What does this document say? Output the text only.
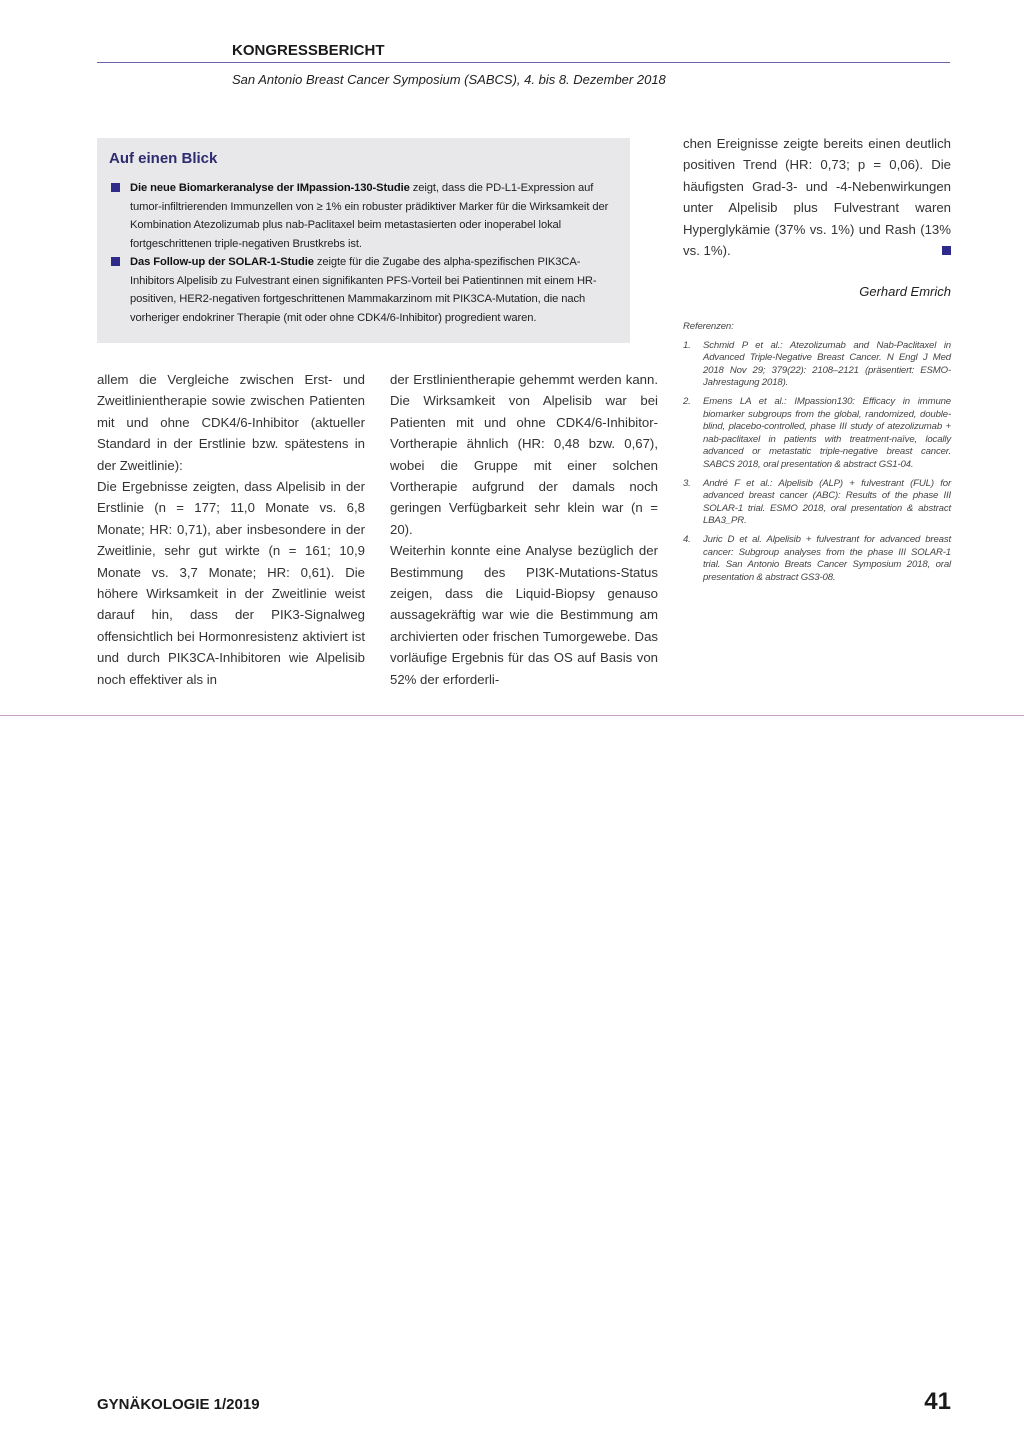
KONGRESSBERICHT
San Antonio Breast Cancer Symposium (SABCS), 4. bis 8. Dezember 2018
Auf einen Blick
Die neue Biomarkeranalyse der IMpassion-130-Studie zeigt, dass die PD-L1-Expression auf tumor-infiltrierenden Immunzellen von ≥ 1% ein robuster prädiktiver Marker für die Wirksamkeit der Kombination Atezolizumab plus nab-Paclitaxel beim metastasierten oder inoperabel lokal fortgeschrittenen triple-negativen Brustkrebs ist.
Das Follow-up der SOLAR-1-Studie zeigte für die Zugabe des alpha-spezifischen PIK3CA-Inhibitors Alpelisib zu Fulvestrant einen signifikanten PFS-Vorteil bei Patientinnen mit einem HR-positiven, HER2-negativen fortgeschrittenen Mammakarzinom mit PIK3CA-Mutation, die nach vorheriger endokriner Therapie (mit oder ohne CDK4/6-Inhibitor) progredient waren.

allem die Vergleiche zwischen Erst- und Zweitlinientherapie sowie zwischen Patienten mit und ohne CDK4/6-Inhibitor (aktueller Standard in der Erstlinie bzw. spätestens in der Zweitlinie):

Die Ergebnisse zeigten, dass Alpelisib in der Erstlinie (n = 177; 11,0 Monate vs. 6,8 Monate; HR: 0,71), aber insbesondere in der Zweitlinie, sehr gut wirkte (n = 161; 10,9 Monate vs. 3,7 Monate; HR: 0,61). Die höhere Wirksamkeit in der Zweitlinie weist darauf hin, dass der PIK3-Signalweg offensichtlich bei Hormonresistenz aktiviert ist und durch PIK3CA-Inhibitoren wie Alpelisib noch effektiver als in

der Erstlinientherapie gehemmt werden kann. Die Wirksamkeit von Alpelisib war bei Patienten mit und ohne CDK4/6-Inhibitor-Vortherapie ähnlich (HR: 0,48 bzw. 0,67), wobei die Gruppe mit einer solchen Vortherapie aufgrund der damals noch geringen Verfügbarkeit sehr klein war (n = 20).

Weiterhin konnte eine Analyse bezüglich der Bestimmung des PI3K-Mutations-Status zeigen, dass die Liquid-Biopsy genauso aussagekräftig war wie die Bestimmung am archivierten oder frischen Tumorgewebe. Das vorläufige Ergebnis für das OS auf Basis von 52% der erforderli-

chen Ereignisse zeigte bereits einen deutlich positiven Trend (HR: 0,73; p = 0,06). Die häufigsten Grad-3- und -4-Nebenwirkungen unter Alpelisib plus Fulvestrant waren Hyperglykämie (37% vs. 1%) und Rash (13% vs. 1%).

Gerhard Emrich
Referenzen:
1. Schmid P et al.: Atezolizumab and Nab-Paclitaxel in Advanced Triple-Negative Breast Cancer. N Engl J Med 2018 Nov 29; 379(22): 2108–2121 (präsentiert: ESMO-Jahrestagung 2018).
2. Emens LA et al.: IMpassion130: Efficacy in immune biomarker subgroups from the global, randomized, double-blind, placebo-controlled, phase III study of atezolizumab + nab-paclitaxel in patients with treatment-naïve, locally advanced or metastatic triple-negative breast cancer. SABCS 2018, oral presentation & abstract GS1-04.
3. André F et al.: Alpelisib (ALP) + fulvestrant (FUL) for advanced breast cancer (ABC): Results of the phase III SOLAR-1 trial. ESMO 2018, oral presentation & abstract LBA3_PR.
4. Juric D et al. Alpelisib + fulvestrant for advanced breast cancer: Subgroup analyses from the phase III SOLAR-1 trial. San Antonio Breats Cancer Symposium 2018, oral presentation & abstract GS3-08.
GYNÄKOLOGIE 1/2019	41
